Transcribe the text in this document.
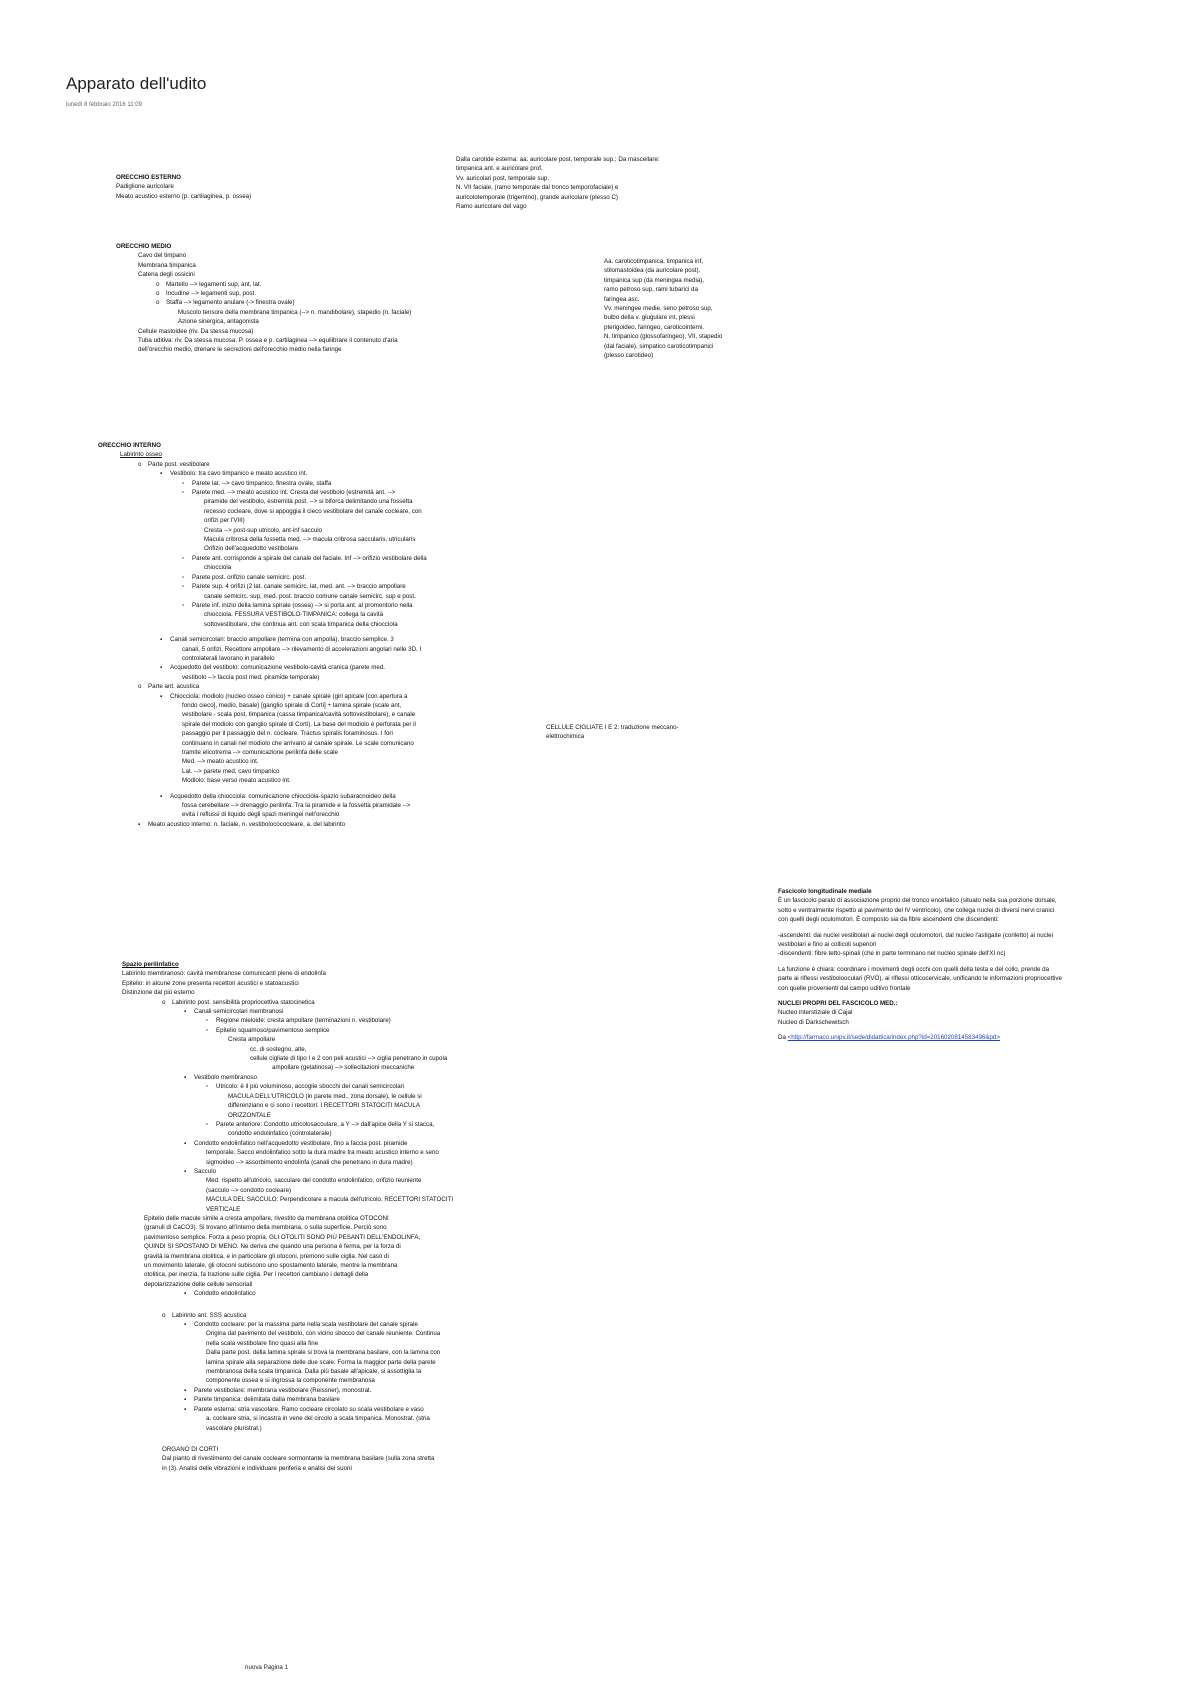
Apparato dell'udito
lunedì 8 febbraio 2016 11:09
ORECCHIO ESTERNO
Padiglione auricolare
Meato acustico esterno (p. cartilaginea, p. ossea)
Dalla carotide esterna: aa. auricolare post, temporale sup.; Da mascellare:
timpanica ant. e auricolare prof.
Vv. auricolari post, temporale sup.
N. VII faciale, (ramo temporale dal tronco temporofaciale) e
auricolotemporale (trigemino), grande auricolare (plesso C)
Ramo auricolare del vago
ORECCHIO MEDIO
Cavo del timpano
Membrana timpanica
Catena degli ossicini
o Martello --> legamenti sup, ant, lat.
o Incudine --> legamenti sup, post.
o Staffa --> legamento anulare (-> finestra ovale)
Muscolo tensore della membrana timpanica (--> n. mandibolare), stapedio (n. faciale)
Azione sinergica, antagonista
Cellule mastoidee (riv. Da stessa mucosa)
Tuba uditiva: riv. Da stessa mucosa. P. ossea e p. cartilaginea --> equilibrare il contenuto d'aria
dell'orecchio medio, drenare le secrezioni dell'orecchio medio nella faringe
Aa. caroticotimpanica, timpanica inf,
stilomastoidea (da auricolare post),
timpanica sup (da meningea media),
ramo petroso sup, rami tubarici da
faringea asc.
Vv. meningee medie, seno petroso sup,
bulbo della v. giugulare int, plessi
pterigoideo, faringeo, caroticointerni.
N. timpanico (glossofaringeo), VII, stapedio
(dal faciale), simpatico caroticotimpanici
(plesso carotideo)
ORECCHIO INTERNO
Labirinto osseo
o Parte post. vestibolare
▪ Vestibolo: tra cavo timpanico e meato acustico int.
▫ Parete lat. --> cavo timpanico, finestra ovale, staffa
▫ Parete med. --> meato acustico int. Cresta del vestibolo (estremità ant. -->
piramide del vestibolo, estremità post. --> si biforca delimitando una fossetta
recesso cocleare, dove si appoggia il cieco vestibolare del canale cocleare, con
orifizi per l'VIII)
Cresta --> post-sup utricolo, ant-inf sacculo
Macula cribrosa della fossetta med. --> macula cribrosa saccularis, utricularis
Orifizio dell'acquedotto vestibolare
▫ Parete ant. corrisponde a spirale del canale del faciale. Inf --> orifizio vestibolare della
chiocciola
▫ Parete post. orifizio canale semicirc. post.
▫ Parete sup. 4 orifizi (2 lat. canale semicirc. lat, med. ant. --> braccio ampollare
canale semicirc. sup, med. post. braccio comune canale semicirc. sup e post.
▫ Parete inf. inizio della lamina spirale (ossea) --> si porta ant. al promontorio nella
chiocciola. FESSURA VESTIBOLO-TIMPANICA: collega la cavità
sottovestibolare, che continua ant. con scala timpanica della chiocciola
▪ Canali semicircolari: braccio ampollare (termina con ampolla), braccio semplice. 3
canali, 5 orifizi. Recettore ampollare --> rilevamento di accelerazioni angolari nelle 3D. I
controlaterali lavorano in parallelo
▪ Acquedotto del vestibolo: comunicazione vestibolo-cavità cranica (parete med.
vestibolo --> faccia post med. piramide temporale)
o Parte ant. acustica
▪ Chiocciola: modiolo (nucleo osseo conico) + canale spirale (giri apicale [con apertura a
fondo cieco], medio, basale) [ganglio spirale di Corti] + lamina spirale (scale ant,
vestibolare - scala post, timpanica (cassa timpanica/cavità sottovestibolare), e canale
spirale del modiolo con ganglio spirale di Corti). La base del modiolo è perforata per il
passaggio per il passaggio del n. cocleare. Tractus spiralis foraminosus. I fori
continuano in canali nel modiolo che arrivano al canale spirale. Le scale comunicano
tramite elicotrema --> comunicazione perilinfa delle scale
Med. --> meato acustico int.
Lat. --> parete med. cavo timpanico
Modiolo: base verso meato acustico int.
▪ Acquedotto della chiocciola: comunicazione chiocciola-spazio subaracnoideo della
fossa cerebellare --> drenaggio perilinfa. Tra la piramide e la fossetta piramidale -->
evita i reflussi di liquido degli spazi meningei nell'orecchio
▪ Meato acustico interno: n. faciale, n. vestibolocococleare, a. del labirinto
CELLULE CIGLIATE I E 2: traduzione meccano-
elettrochimica
Spazio perilinfatico
Labirinto membranoso: cavità membranose comunicanti piene di endolinfa
Epitelio: in alcune zone presenta recettori acustici e statoacustici
Distinzione dal più esterno
o Labirinto post. sensibilità propriocettiva statocinetica
▪ Canali semicircolari membranosi
▫ Regione mieloide: cresta ampollare (terminazioni n. vestibolare)
▫ Epitelio squamoso/pavimentoso semplice
Cresta ampollare
cc. di sostegno, alte,
cellule cigliate di tipo I e 2 con peli acustici --> ciglia penetrano in cupola
ampollare (gelatinosa) --> sollecitazioni meccaniche
▪ Vestibolo membranoso
▫ Utricolo: è il più voluminoso, accoglie sbocchi dei canali semicircolari
MACULA DELL'UTRICOLO (in parete med., zona dorsale), le cellule si
differenziano e ci sono i recettori: I RECETTORI STATOCITI MACULA
ORIZZONTALE
▫ Parete anteriore: Condotto utricolosacculare, a Y --> dall'apice della Y si stacca,
condotto endolinfatico (controlaterale)
▪ Condotto endolinfatico nell'acquedotto vestibolare, fino a faccia post. piramide
temporale. Sacco endolinfatico sotto la dura madre tra meato acustico interno e seno
sigmoideo --> assorbimento endolinfa (canali che penetrano in dura madre)
▪ Sacculo
Med. rispetto all'utricolo, sacculare del condotto endolinfatico, orifizio reuniente
(sacculo --> condotto cocleare)
MACULA DEL SACCULO: Perpendicolare a macula dell'utricolo. RECETTORI STATOCITI
VERTICALE
Epitelio delle macule simile a cresta ampollare, rivestito da membrana otolitica OTOCONI
(granuli di CaCO3). Si trovano all'interno della membrana, o sulla superficie. Perciò sono
pavimentoso semplice. Forza a peso propria. GLI OTOLITI SONO PIÙ PESANTI DELL'ENDOLINFA,
QUINDI SI SPOSTANO DI MENO. Ne deriva che quando una persona è ferma, per la forza di
gravità la membrana otolitica, e in particolare gli otoconi, premono sulle ciglia. Nel caso di
un movimento laterale, gli otoconi subiscono uno spostamento laterale, mentre la membrana
otolitica, per inerzia, fa trazione sulle ciglia. Per i recettori cambiano i dettagli della
depolarizzazione delle cellule sensoriali
▪ Condotto endolinfatico
o Labirinto ant. SSS acustica
▪ Condotto cocleare: per la massima parte nella scala vestibolare del canale spirale
Origina dal pavimento del vestibolo, con vicino sbocco del canale reuniente. Continua
nella scala vestibolare fino quasi alla fine
Dalla parte post. della lamina spirale si trova la membrana basilare, con la lamina con
lamina spirale alla separazione delle due scale. Forma la maggior parte della parete
membranosa della scala timpanica. Dalla più basale all'apicale, si assottiglia la
componente ossea e si ingrossa la componente membranosa
▪ Parete vestibolare: membrana vestibolare (Reissner), monostrat.
▪ Parete timpanica: delimitata dalla membrana basilare
▪ Parete esterna: stria vascolare. Ramo cocleare circolato su scala vestibolare e vaso
a. cocleare stria, si incastra in vene del circolo a scala timpanica. Monostrat. (stria
vascolare pluristrat.)
ORGANO DI CORTI
Dal pianto di rivestimento del canale cocleare sormontante la membrana basilare (sulla zona stretta
in (3). Analisi delle vibrazioni e individuare periferia e analisi dei suoni
Fascicolo longitudinale mediale
È un fascicolo paralo di associazione proprio del tronco encefalico (situato nella sua porzione dorsale,
sotto e ventralmente rispetto al pavimento del IV ventricolo), che collega nuclei di diversi nervi cranici
con quelli degli oculomotori. È composto sia da fibre ascendenti che discendenti:
-ascendenti: dai nuclei vestibolari ai nuclei degli oculomotori, dal nucleo l'astigaite (coriletto) ai nuclei
vestibolari e fino ai collicoli superiori
-discendenti: fibre tetto-spinali (che in parte terminano nel nucleo spinale dell'XI nc)
La funzione è chiara: coordinare i movimenti degli occhi con quelli della testa e del collo, prende da
parte ai riflessi vestibolooculari (RVO), ai riflessi otticocervicale, unificando le informazioni propriocettive
con quelle provenienti dal campo uditivo frontale
NUCLEI PROPRI DEL FASCICOLO MED.:
Nucleo interstiziale di Cajal
Nucleo di Darkschewitsch
Da <http://farmaco.unipv.it/sede/didattica/index.php?id=2016020814583496&pd>
nuova Pagina 1
